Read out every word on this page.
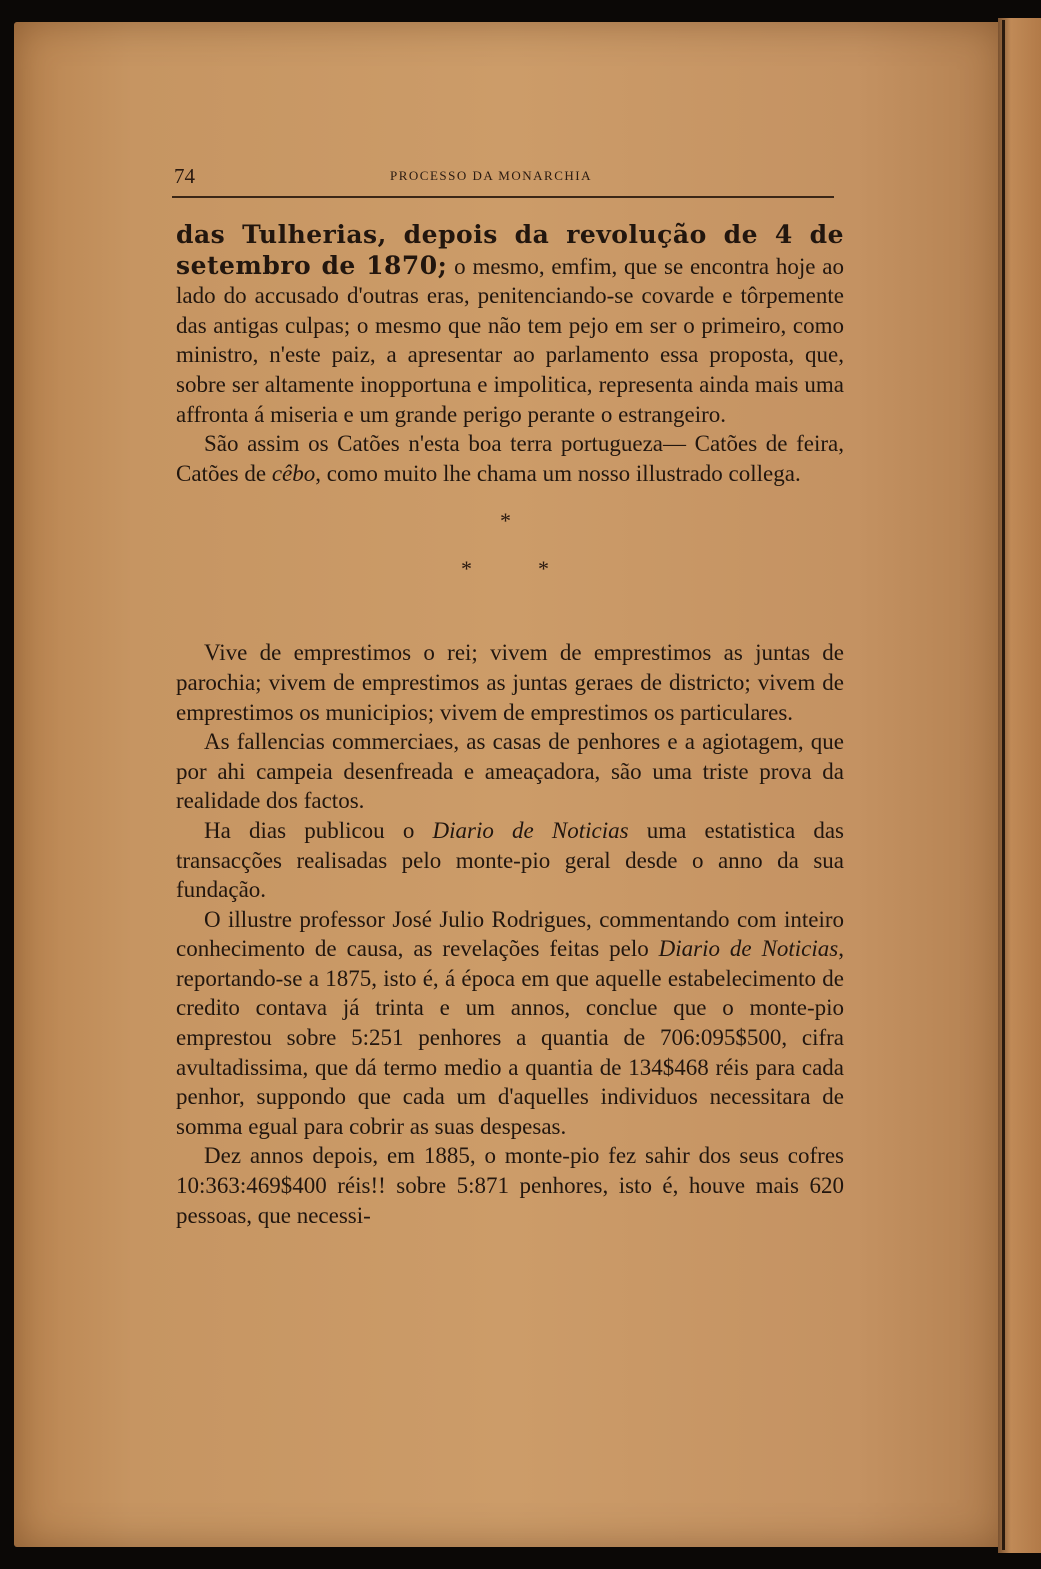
74	PROCESSO DA MONARCHIA

das Tulherias, depois da revolução de 4 de setembro de 1870; o mesmo, emfim, que se encontra hoje ao lado do accusado d'outras eras, penitenciando-se covarde e tôrpemente das antigas culpas; o mesmo que não tem pejo em ser o primeiro, como ministro, n'este paiz, a apresentar ao parlamento essa proposta, que, sobre ser altamente inopportuna e impolitica, representa ainda mais uma affronta á miseria e um grande perigo perante o estrangeiro.

São assim os Catões n'esta boa terra portugueza— Catões de feira, Catões de cêbo, como muito lhe chama um nosso illustrado collega.

*
*	*

Vive de emprestimos o rei; vivem de emprestimos as juntas de parochia; vivem de emprestimos as juntas geraes de districto; vivem de emprestimos os municipios; vivem de emprestimos os particulares.

As fallencias commerciaes, as casas de penhores e a agiotagem, que por ahi campeia desenfreada e ameaçadora, são uma triste prova da realidade dos factos.

Ha dias publicou o Diario de Noticias uma estatistica das transacções realisadas pelo monte-pio geral desde o anno da sua fundação.

O illustre professor José Julio Rodrigues, commentando com inteiro conhecimento de causa, as revelações feitas pelo Diario de Noticias, reportando-se a 1875, isto é, á época em que aquelle estabelecimento de credito contava já trinta e um annos, conclue que o monte-pio emprestou sobre 5:251 penhores a quantia de 706:095$500, cifra avultadissima, que dá termo medio a quantia de 134$468 réis para cada penhor, suppondo que cada um d'aquelles individuos necessitara de somma egual para cobrir as suas despesas.

Dez annos depois, em 1885, o monte-pio fez sahir dos seus cofres 10:363:469$400 réis!! sobre 5:871 penhores, isto é, houve mais 620 pessoas, que necessi-
